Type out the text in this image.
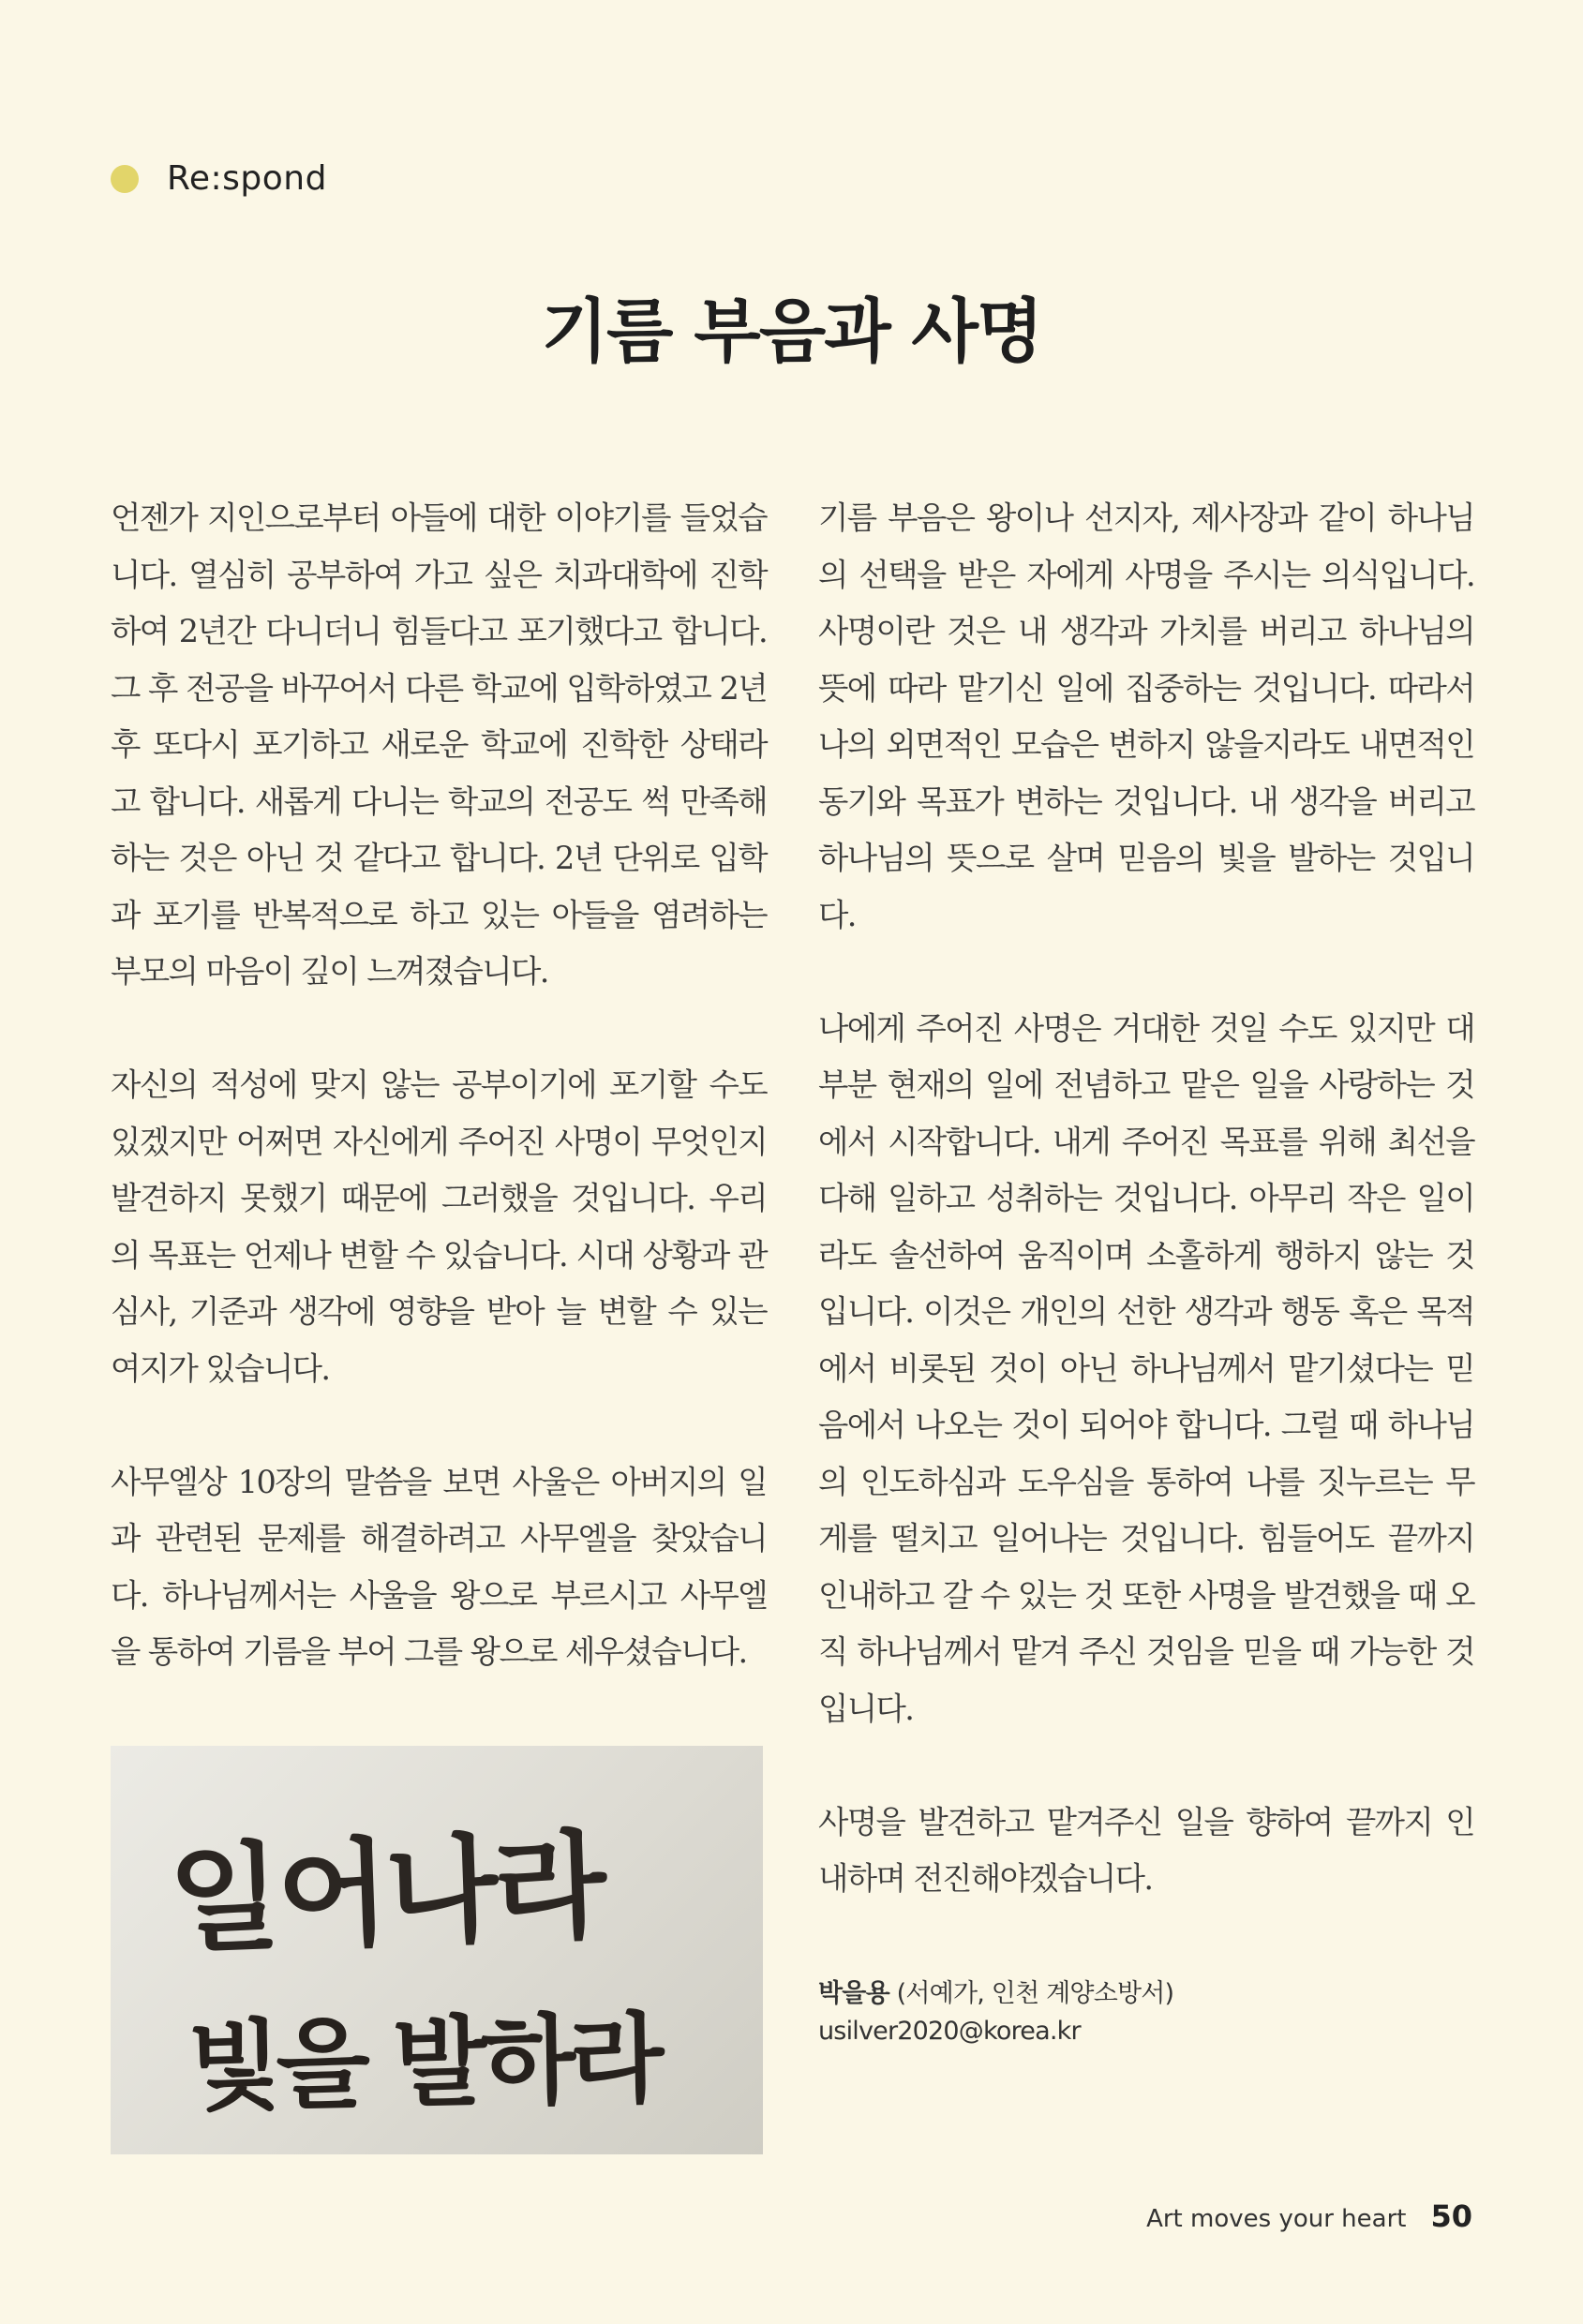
Re:spond
기름 부음과 사명

언젠가 지인으로부터 아들에 대한 이야기를 들었습니다. 열심히 공부하여 가고 싶은 치과대학에 진학하여 2년간 다니더니 힘들다고 포기했다고 합니다. 그 후 전공을 바꾸어서 다른 학교에 입학하였고 2년 후 또다시 포기하고 새로운 학교에 진학한 상태라고 합니다. 새롭게 다니는 학교의 전공도 썩 만족해하는 것은 아닌 것 같다고 합니다. 2년 단위로 입학과 포기를 반복적으로 하고 있는 아들을 염려하는 부모의 마음이 깊이 느껴졌습니다.

자신의 적성에 맞지 않는 공부이기에 포기할 수도 있겠지만 어쩌면 자신에게 주어진 사명이 무엇인지 발견하지 못했기 때문에 그러했을 것입니다. 우리의 목표는 언제나 변할 수 있습니다. 시대 상황과 관심사, 기준과 생각에 영향을 받아 늘 변할 수 있는 여지가 있습니다.

사무엘상 10장의 말씀을 보면 사울은 아버지의 일과 관련된 문제를 해결하려고 사무엘을 찾았습니다. 하나님께서는 사울을 왕으로 부르시고 사무엘을 통하여 기름을 부어 그를 왕으로 세우셨습니다.

기름 부음은 왕이나 선지자, 제사장과 같이 하나님의 선택을 받은 자에게 사명을 주시는 의식입니다. 사명이란 것은 내 생각과 가치를 버리고 하나님의 뜻에 따라 맡기신 일에 집중하는 것입니다. 따라서 나의 외면적인 모습은 변하지 않을지라도 내면적인 동기와 목표가 변하는 것입니다. 내 생각을 버리고 하나님의 뜻으로 살며 믿음의 빛을 발하는 것입니다.

나에게 주어진 사명은 거대한 것일 수도 있지만 대부분 현재의 일에 전념하고 맡은 일을 사랑하는 것에서 시작합니다. 내게 주어진 목표를 위해 최선을 다해 일하고 성취하는 것입니다. 아무리 작은 일이라도 솔선하여 움직이며 소홀하게 행하지 않는 것입니다. 이것은 개인의 선한 생각과 행동 혹은 목적에서 비롯된 것이 아닌 하나님께서 맡기셨다는 믿음에서 나오는 것이 되어야 합니다. 그럴 때 하나님의 인도하심과 도우심을 통하여 나를 짓누르는 무게를 떨치고 일어나는 것입니다. 힘들어도 끝까지 인내하고 갈 수 있는 것 또한 사명을 발견했을 때 오직 하나님께서 맡겨 주신 것임을 믿을 때 가능한 것입니다.

사명을 발견하고 맡겨주신 일을 향하여 끝까지 인내하며 전진해야겠습니다.

일어나라
빛을 발하라
박을용 (서예가, 인천 계양소방서)
usilver2020@korea.kr
Art moves your heart 50
